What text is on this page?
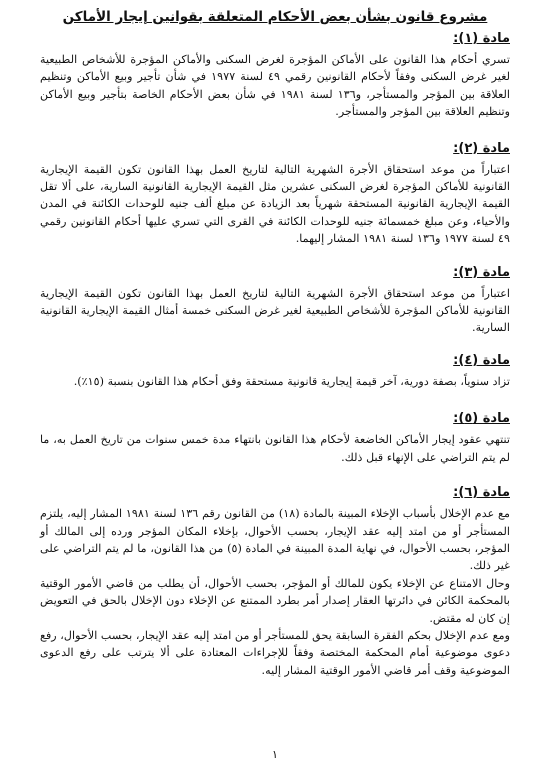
مشروع قانون بشأن بعض الأحكام المتعلقة بقوانين إيجار الأماكن
مادة (١):

تسري أحكام هذا القانون على الأماكن المؤجرة لغرض السكنى والأماكن المؤجرة للأشخاص الطبيعية لغير غرض السكنى وفقاً لأحكام القانونين رقمي ٤٩ لسنة ١٩٧٧ في شأن تأجير وبيع الأماكن وتنظيم العلاقة بين المؤجر والمستأجر، و١٣٦ لسنة ١٩٨١ في شأن بعض الأحكام الخاصة بتأجير وبيع الأماكن وتنظيم العلاقة بين المؤجر والمستأجر.

مادة (٢):

اعتباراً من موعد استحقاق الأجرة الشهرية التالية لتاريخ العمل بهذا القانون تكون القيمة الإيجارية القانونية للأماكن المؤجرة لغرض السكنى عشرين مثل القيمة الإيجارية القانونية السارية، على ألا تقل القيمة الإيجارية القانونية المستحقة شهرياً بعد الزيادة عن مبلغ ألف جنيه للوحدات الكائنة في المدن والأحياء، وعن مبلغ خمسمائة جنيه للوحدات الكائنة في القرى التي تسري عليها أحكام القانونين رقمي ٤٩ لسنة ١٩٧٧ و١٣٦ لسنة ١٩٨١ المشار إليهما.

مادة (٣):

اعتباراً من موعد استحقاق الأجرة الشهرية التالية لتاريخ العمل بهذا القانون تكون القيمة الإيجارية القانونية للأماكن المؤجرة للأشخاص الطبيعية لغير غرض السكنى خمسة أمثال القيمة الإيجارية القانونية السارية.

مادة (٤):

تزاد سنوياً، بصفة دورية، آخر قيمة إيجارية قانونية مستحقة وفق أحكام هذا القانون بنسبة (١٥٪).

مادة (٥):

تنتهي عقود إيجار الأماكن الخاضعة لأحكام هذا القانون بانتهاء مدة خمس سنوات من تاريخ العمل به، ما لم يتم التراضي على الإنهاء قبل ذلك.

مادة (٦):

مع عدم الإخلال بأسباب الإخلاء المبينة بالمادة (١٨) من القانون رقم ١٣٦ لسنة ١٩٨١ المشار إليه، يلتزم المستأجر أو من امتد إليه عقد الإيجار، بحسب الأحوال، بإخلاء المكان المؤجر ورده إلى المالك أو المؤجر، بحسب الأحوال، في نهاية المدة المبينة في المادة (٥) من هذا القانون، ما لم يتم التراضي على غير ذلك.

وحال الامتناع عن الإخلاء يكون للمالك أو المؤجر، بحسب الأحوال، أن يطلب من قاضي الأمور الوقتية بالمحكمة الكائن في دائرتها العقار إصدار أمر بطرد الممتنع عن الإخلاء دون الإخلال بالحق في التعويض إن كان له مقتض.

ومع عدم الإخلال بحكم الفقرة السابقة يحق للمستأجر أو من امتد إليه عقد الإيجار، بحسب الأحوال، رفع دعوى موضوعية أمام المحكمة المختصة وفقاً للإجراءات المعتادة على ألا يترتب على رفع الدعوى الموضوعية وقف أمر قاضي الأمور الوقتية المشار إليه.

١
